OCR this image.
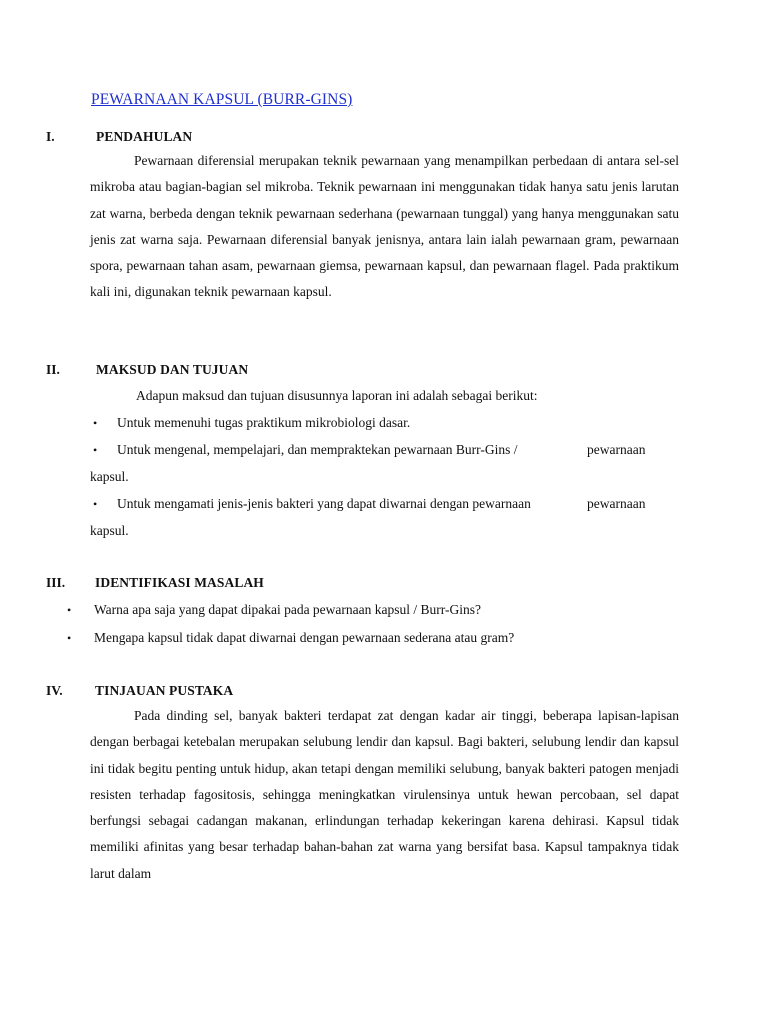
PEWARNAAN KAPSUL (BURR-GINS)
I.	PENDAHULAN

Pewarnaan diferensial merupakan teknik pewarnaan yang menampilkan perbedaan di antara sel-sel mikroba atau bagian-bagian sel mikroba. Teknik pewarnaan ini menggunakan tidak hanya satu jenis larutan zat warna, berbeda dengan teknik pewarnaan sederhana (pewarnaan tunggal) yang hanya menggunakan satu jenis zat warna saja. Pewarnaan diferensial banyak jenisnya, antara lain ialah pewarnaan gram, pewarnaan spora, pewarnaan tahan asam, pewarnaan giemsa, pewarnaan kapsul, dan pewarnaan flagel. Pada praktikum kali ini, digunakan teknik pewarnaan kapsul.

II.	MAKSUD DAN TUJUAN
Adapun maksud dan tujuan disusunnya laporan ini adalah sebagai berikut:
• Untuk memenuhi tugas praktikum mikrobiologi dasar.
• Untuk mengenal, mempelajari, dan mempraktekan pewarnaan Burr-Gins /	pewarnaan
kapsul.
• Untuk mengamati jenis-jenis bakteri yang dapat diwarnai dengan pewarnaan	pewarnaan
kapsul.
III. IDENTIFIKASI MASALAH
• Warna apa saja yang dapat dipakai pada pewarnaan kapsul / Burr-Gins?
• Mengapa kapsul tidak dapat diwarnai dengan pewarnaan sederana atau gram?
IV. TINJAUAN PUSTAKA

Pada dinding sel, banyak bakteri terdapat zat dengan kadar air tinggi, beberapa lapisan-lapisan dengan berbagai ketebalan merupakan selubung lendir dan kapsul. Bagi bakteri, selubung lendir dan kapsul ini tidak begitu penting untuk hidup, akan tetapi dengan memiliki selubung, banyak bakteri patogen menjadi resisten terhadap fagositosis, sehingga meningkatkan virulensinya untuk hewan percobaan, sel dapat berfungsi sebagai cadangan makanan, erlindungan terhadap kekeringan karena dehirasi. Kapsul tidak memiliki afinitas yang besar terhadap bahan-bahan zat warna yang bersifat basa. Kapsul tampaknya tidak larut dalam
